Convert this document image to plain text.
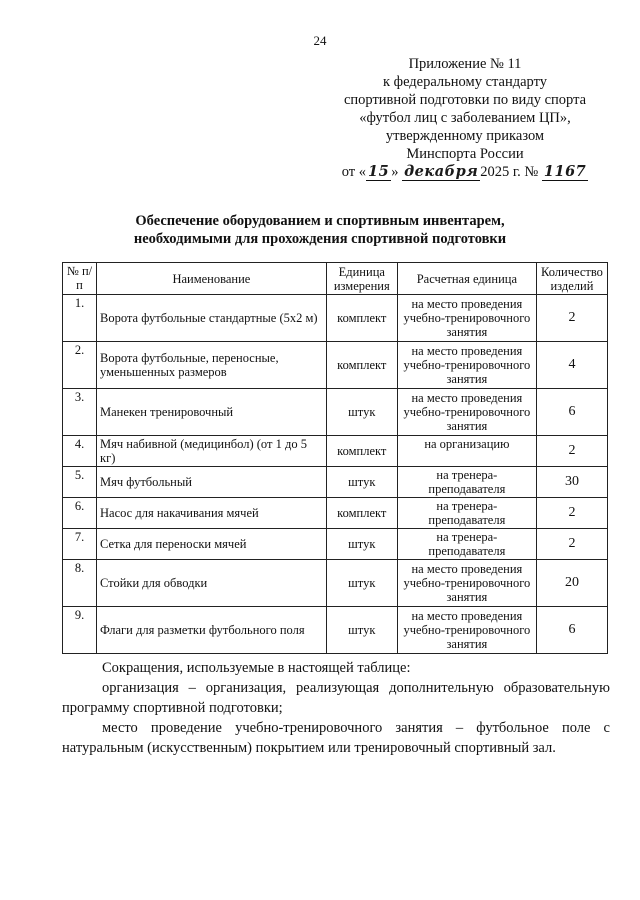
24
Приложение № 11
к федеральному стандарту
спортивной подготовки по виду спорта
«футбол лиц с заболеванием ЦП»,
утвержденному приказом
Минспорта России
от « 15 » декабря 2025 г. № 1167
Обеспечение оборудованием и спортивным инвентарем,
необходимыми для прохождения спортивной подготовки
№ п/п	Наименование	Единица измерения	Расчетная единица	Количество изделий
1.	Ворота футбольные стандартные (5х2 м)	комплект	на место проведения учебно-тренировочного занятия	2
2.	Ворота футбольные, переносные, уменьшенных размеров	комплект	на место проведения учебно-тренировочного занятия	4
3.	Манекен тренировочный	штук	на место проведения учебно-тренировочного занятия	6
4.	Мяч набивной (медицинбол) (от 1 до 5 кг)	комплект	на организацию	2
5.	Мяч футбольный	штук	на тренера-преподавателя	30
6.	Насос для накачивания мячей	комплект	на тренера-преподавателя	2
7.	Сетка для переноски мячей	штук	на тренера-преподавателя	2
8.	Стойки для обводки	штук	на место проведения учебно-тренировочного занятия	20
9.	Флаги для разметки футбольного поля	штук	на место проведения учебно-тренировочного занятия	6

Сокращения, используемые в настоящей таблице:

организация – организация, реализующая дополнительную образовательную программу спортивной подготовки;

место проведение учебно-тренировочного занятия – футбольное поле с натуральным (искусственным) покрытием или тренировочный спортивный зал.
